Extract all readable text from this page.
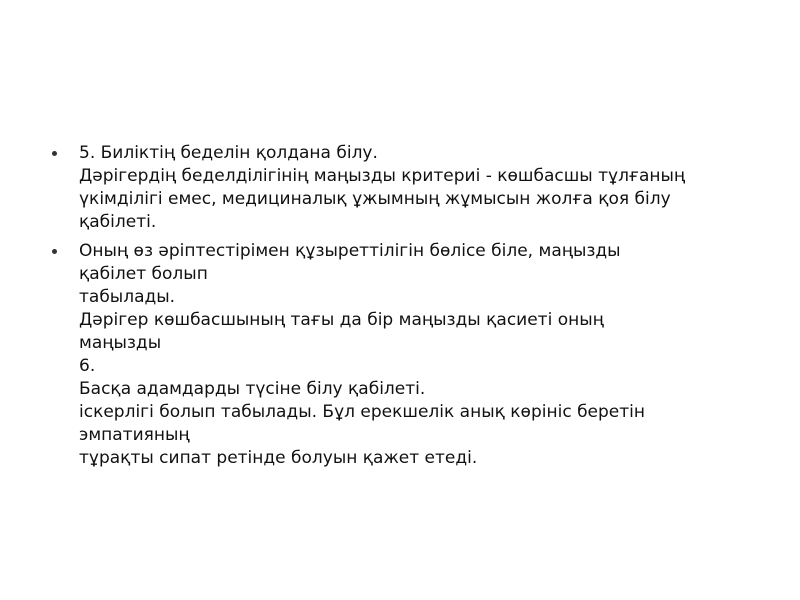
5. Биліктің беделін қолдана білу.
Дәрігердің беделділігінің маңызды критериі - көшбасшы тұлғаның
үкімділігі емес, медициналық ұжымның жұмысын жолға қоя білу
қабілеті.
Оның өз әріптестірімен құзыреттілігін бөлісе біле, маңызды
қабілет болып
табылады.
Дәрігер көшбасшының тағы да бір маңызды қасиеті оның
маңызды
6.
Басқа адамдарды түсіне білу қабілеті.
іскерлігі болып табылады. Бұл ерекшелік анық көрініс беретін
эмпатияның
тұрақты сипат ретінде болуын қажет етеді.
